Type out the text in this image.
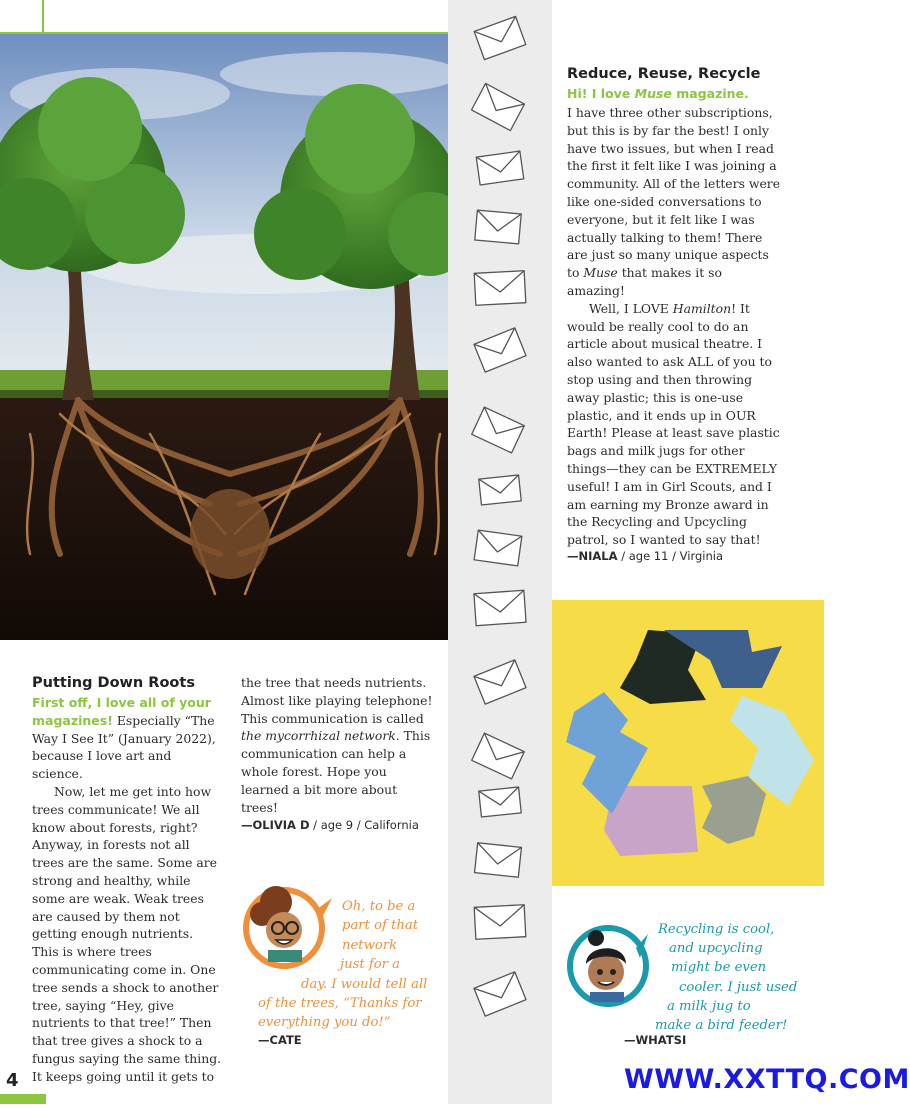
Reduce, Reuse, Recycle
Hi! I love Muse magazine.

I have three other subscriptions, but this is by far the best! I only have two issues, but when I read the first it felt like I was joining a community. All of the letters were like one-sided conversations to everyone, but it felt like I was actually talking to them! There are just so many unique aspects to Muse that makes it so amazing!

Well, I LOVE Hamilton! It would be really cool to do an article about musical theatre. I also wanted to ask ALL of you to stop using and then throwing away plastic; this is one-use plastic, and it ends up in OUR Earth! Please at least save plastic bags and milk jugs for other things—they can be EXTREMELY useful! I am in Girl Scouts, and I am earning my Bronze award in the Recycling and Upcycling patrol, so I wanted to say that!

—NIALA / age 11 / Virginia
Recycling is cool,
and upcycling
might be even
cooler. I just used
a milk jug to
make a bird feeder!
—WHATSI
Putting Down Roots

First off, I love all of your magazines! Especially “The Way I See It” (January 2022), because I love art and science.

Now, let me get into how trees communicate! We all know about forests, right? Anyway, in forests not all trees are the same. Some are strong and healthy, while some are weak. Weak trees are caused by them not getting enough nutrients. This is where trees communicating come in. One tree sends a shock to another tree, saying “Hey, give nutrients to that tree!” Then that tree gives a shock to a fungus saying the same thing. It keeps going until it gets to

the tree that needs nutrients. Almost like playing telephone! This communication is called the mycorrhizal network. This communication can help a whole forest. Hope you learned a bit more about trees!

—OLIVIA D / age 9 / California
Oh, to be a
part of that
network
just for a
day. I would tell all
of the trees, “Thanks for
everything you do!”
—CATE
4	WWW.XXTTQ.COM
